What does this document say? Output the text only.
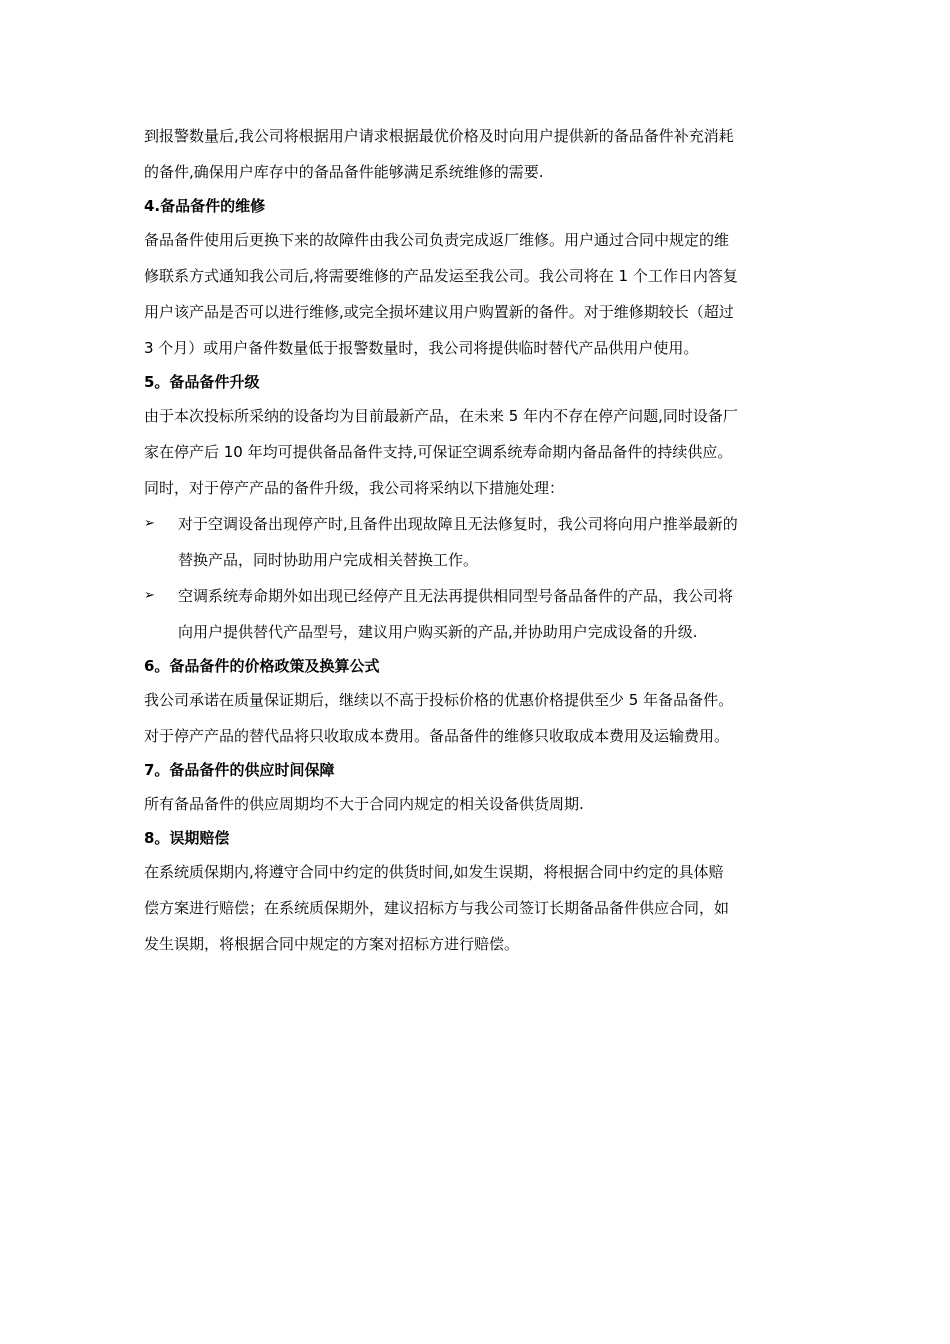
到报警数量后,我公司将根据用户请求根据最优价格及时向用户提供新的备品备件补充消耗

的备件,确保用户库存中的备品备件能够满足系统维修的需要.

4.备品备件的维修

备品备件使用后更换下来的故障件由我公司负责完成返厂维修。用户通过合同中规定的维

修联系方式通知我公司后,将需要维修的产品发运至我公司。我公司将在 1 个工作日内答复

用户该产品是否可以进行维修,或完全损坏建议用户购置新的备件。对于维修期较长（超过

3 个月）或用户备件数量低于报警数量时，我公司将提供临时替代产品供用户使用。

5。备品备件升级

由于本次投标所采纳的设备均为目前最新产品，在未来 5 年内不存在停产问题,同时设备厂

家在停产后 10 年均可提供备品备件支持,可保证空调系统寿命期内备品备件的持续供应。

同时，对于停产产品的备件升级，我公司将采纳以下措施处理：

➢ 对于空调设备出现停产时,且备件出现故障且无法修复时，我公司将向用户推举最新的

替换产品，同时协助用户完成相关替换工作。

➢ 空调系统寿命期外如出现已经停产且无法再提供相同型号备品备件的产品，我公司将

向用户提供替代产品型号，建议用户购买新的产品,并协助用户完成设备的升级.

6。备品备件的价格政策及换算公式

我公司承诺在质量保证期后，继续以不高于投标价格的优惠价格提供至少 5 年备品备件。

对于停产产品的替代品将只收取成本费用。备品备件的维修只收取成本费用及运输费用。

7。备品备件的供应时间保障

所有备品备件的供应周期均不大于合同内规定的相关设备供货周期.

8。误期赔偿

在系统质保期内,将遵守合同中约定的供货时间,如发生误期，将根据合同中约定的具体赔

偿方案进行赔偿；在系统质保期外，建议招标方与我公司签订长期备品备件供应合同，如

发生误期，将根据合同中规定的方案对招标方进行赔偿。
